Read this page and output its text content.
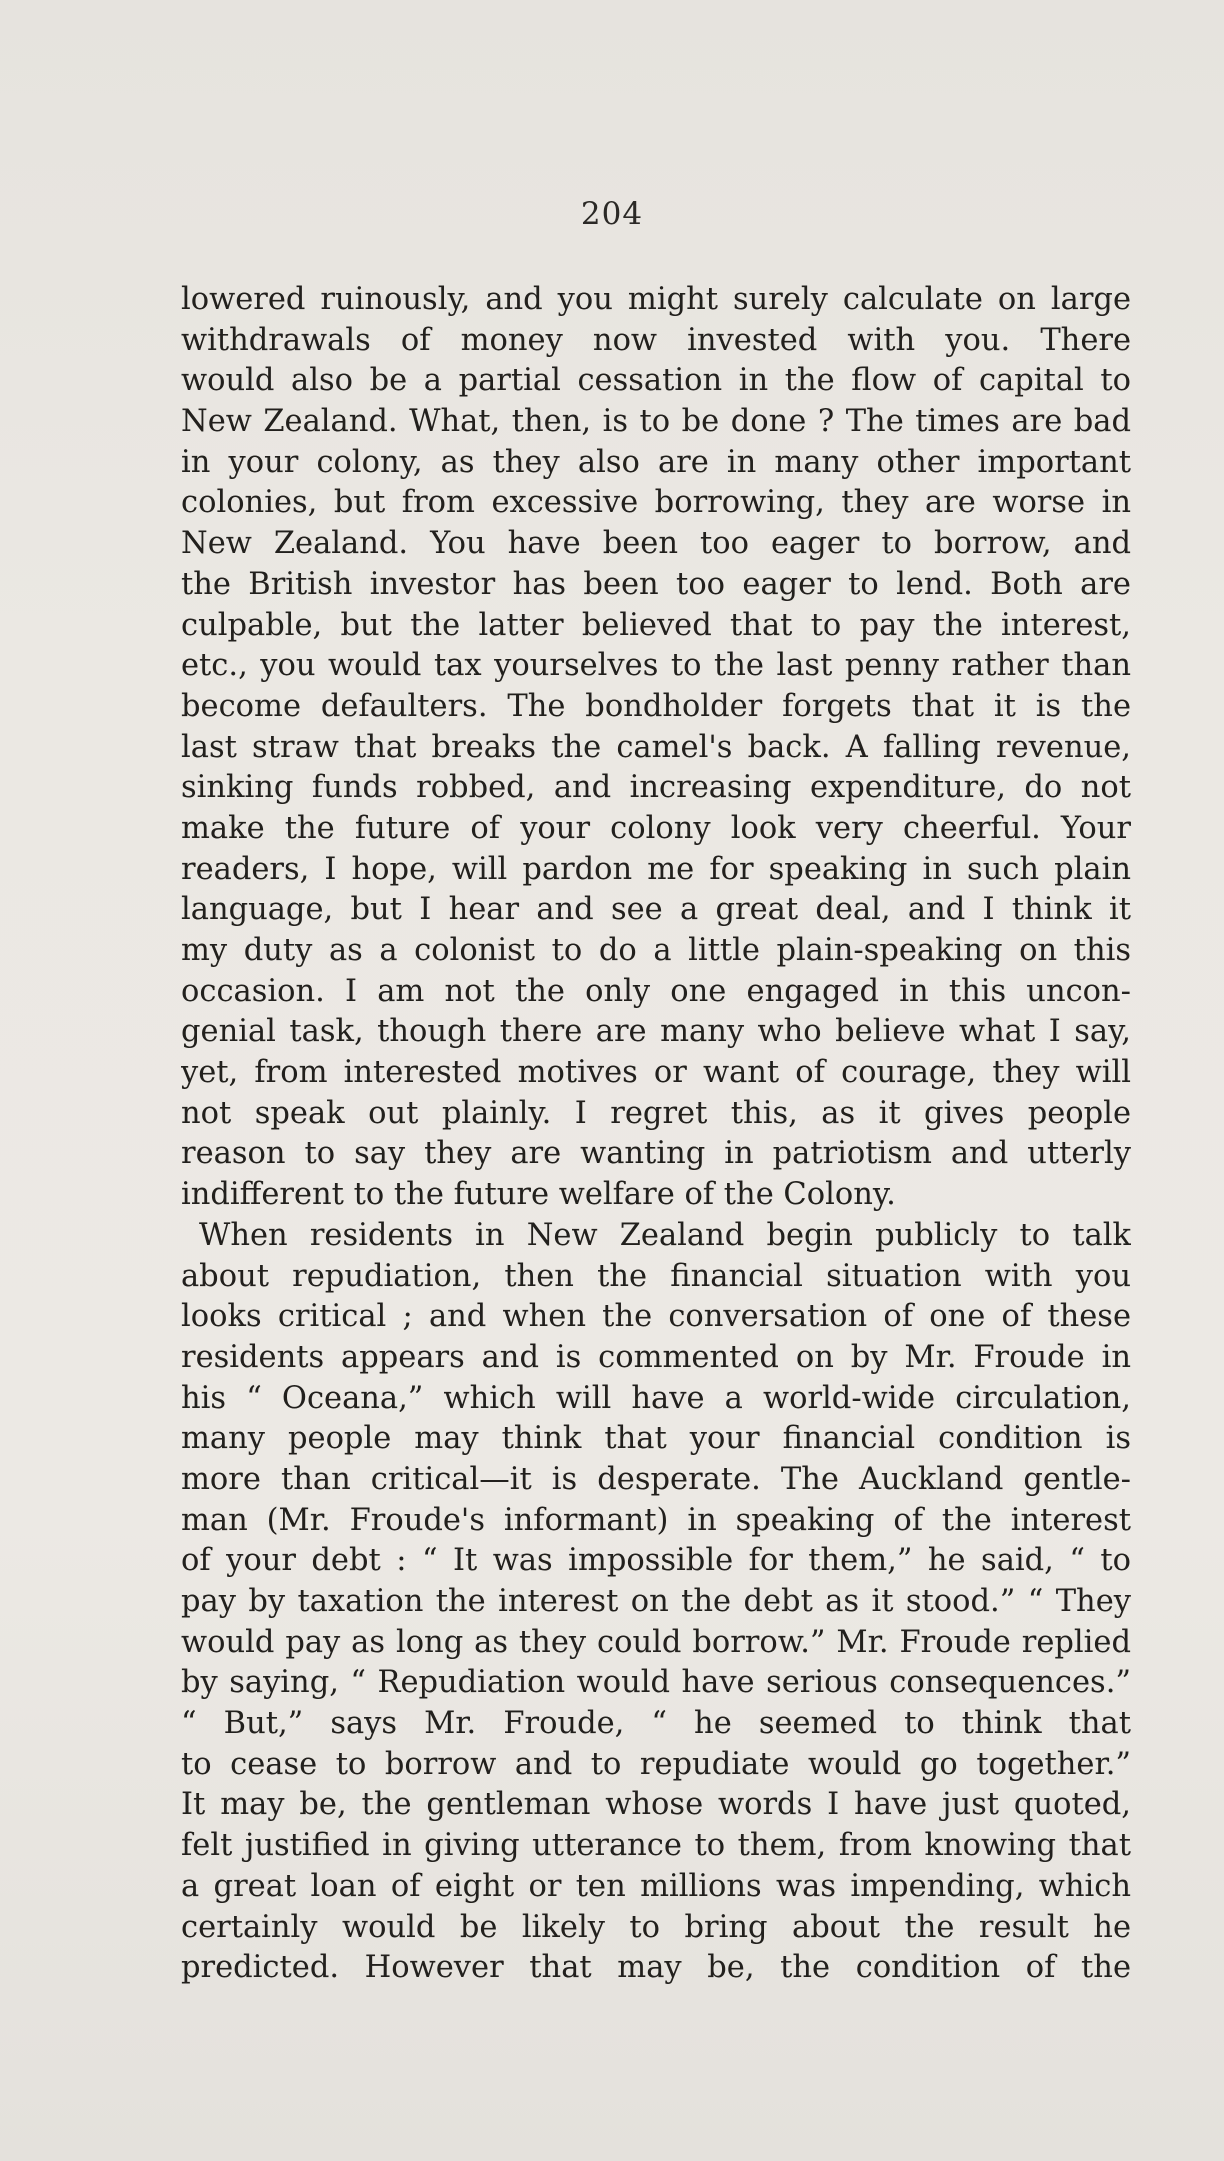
204
lowered ruinously, and you might surely calculate on large
withdrawals of money now invested with you. There
would also be a partial cessation in the flow of capital to
New Zealand. What, then, is to be done ? The times are bad
in your colony, as they also are in many other important
colonies, but from excessive borrowing, they are worse in
New Zealand. You have been too eager to borrow, and
the British investor has been too eager to lend. Both are
culpable, but the latter believed that to pay the interest,
etc., you would tax yourselves to the last penny rather than
become defaulters. The bondholder forgets that it is the
last straw that breaks the camel's back. A falling revenue,
sinking funds robbed, and increasing expenditure, do not
make the future of your colony look very cheerful. Your
readers, I hope, will pardon me for speaking in such plain
language, but I hear and see a great deal, and I think it
my duty as a colonist to do a little plain-speaking on this
occasion. I am not the only one engaged in this uncon-
genial task, though there are many who believe what I say,
yet, from interested motives or want of courage, they will
not speak out plainly. I regret this, as it gives people
reason to say they are wanting in patriotism and utterly
indifferent to the future welfare of the Colony.
When residents in New Zealand begin publicly to talk
about repudiation, then the financial situation with you
looks critical ; and when the conversation of one of these
residents appears and is commented on by Mr. Froude in
his “ Oceana,” which will have a world-wide circulation,
many people may think that your financial condition is
more than critical—it is desperate. The Auckland gentle-
man (Mr. Froude's informant) in speaking of the interest
of your debt : “ It was impossible for them,” he said, “ to
pay by taxation the interest on the debt as it stood.” “ They
would pay as long as they could borrow.” Mr. Froude replied
by saying, “ Repudiation would have serious consequences.”
“ But,” says Mr. Froude, “ he seemed to think that
to cease to borrow and to repudiate would go together.”
It may be, the gentleman whose words I have just quoted,
felt justified in giving utterance to them, from knowing that
a great loan of eight or ten millions was impending, which
certainly would be likely to bring about the result he
predicted. However that may be, the condition of the
